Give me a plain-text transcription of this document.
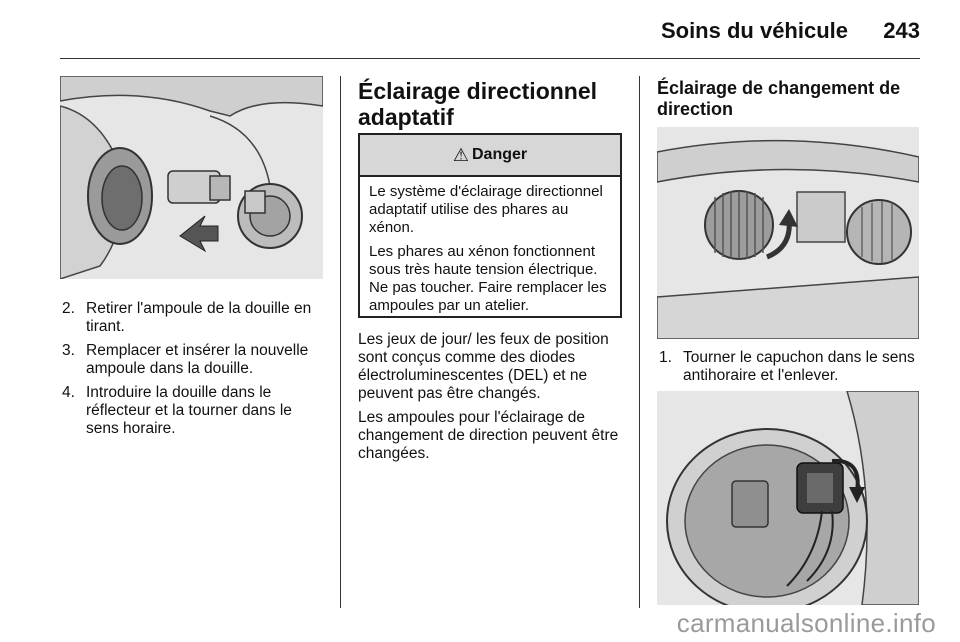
Soins du véhicule 243
2. Retirer l'ampoule de la douille en tirant.
3. Remplacer et insérer la nouvelle ampoule dans la douille.
4. Introduire la douille dans le réflecteur et la tourner dans le sens horaire.
Éclairage directionnel
adaptatif
⚠ Danger

Le système d'éclairage directionnel adaptatif utilise des phares au xénon.

Les phares au xénon fonctionnent sous très haute tension électrique. Ne pas toucher. Faire remplacer les ampoules par un atelier.

Les jeux de jour/ les feux de position sont conçus comme des diodes électroluminescentes (DEL) et ne peuvent pas être changés.

Les ampoules pour l'éclairage de changement de direction peuvent être changées.

Éclairage de changement de
direction
1. Tourner le capuchon dans le sens antihoraire et l'enlever.
carmanualsonline.info
